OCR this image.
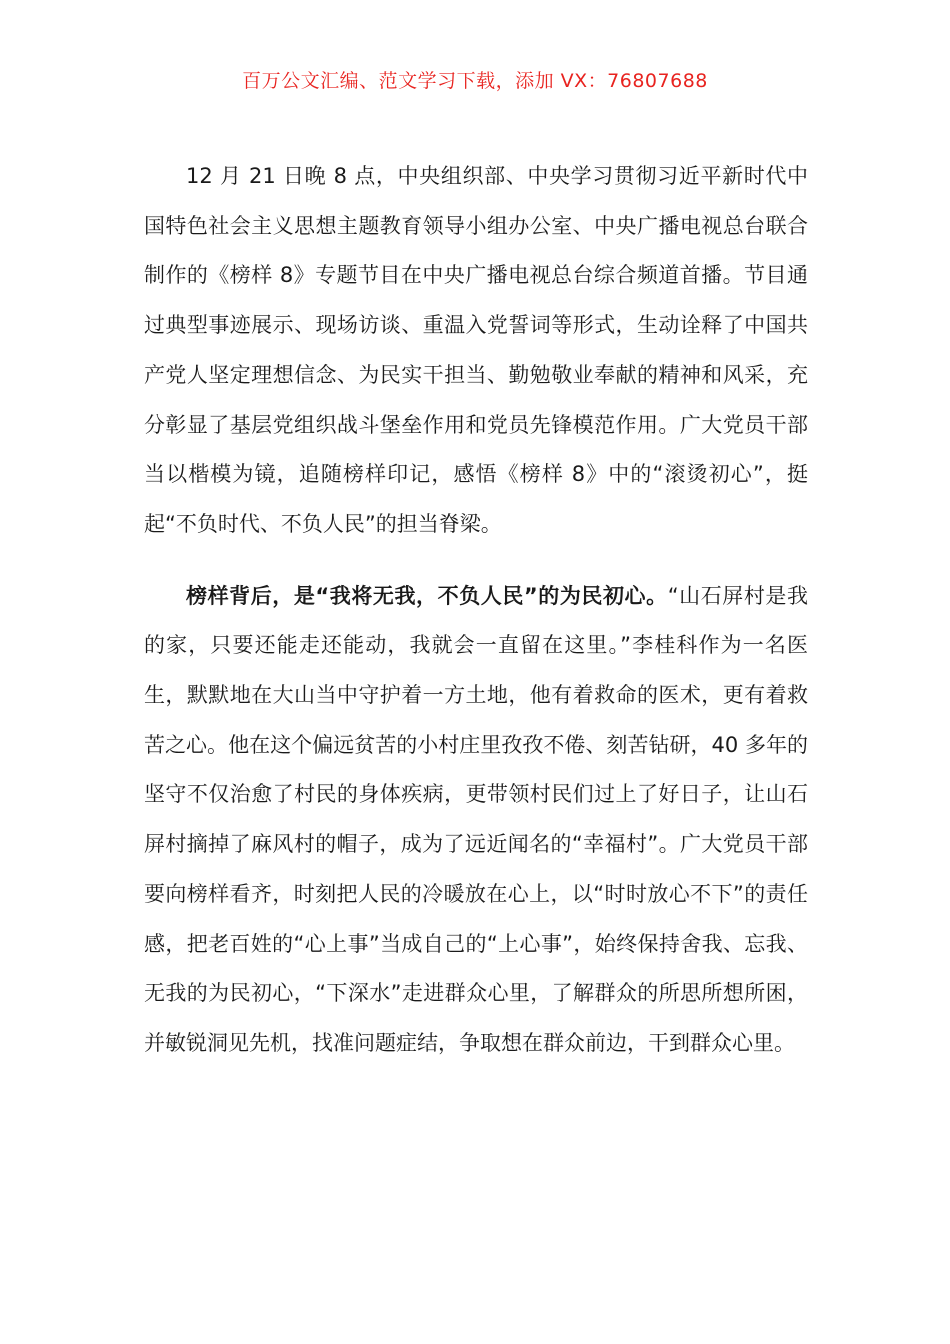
百万公文汇编、范文学习下载，添加 VX：76807688

12 月 21 日晚 8 点，中央组织部、中央学习贯彻习近平新时代中国特色社会主义思想主题教育领导小组办公室、中央广播电视总台联合制作的《榜样 8》专题节目在中央广播电视总台综合频道首播。节目通过典型事迹展示、现场访谈、重温入党誓词等形式，生动诠释了中国共产党人坚定理想信念、为民实干担当、勤勉敬业奉献的精神和风采，充分彰显了基层党组织战斗堡垒作用和党员先锋模范作用。广大党员干部当以楷模为镜，追随榜样印记，感悟《榜样 8》中的“滚烫初心”，挺起“不负时代、不负人民”的担当脊梁。

榜样背后，是“我将无我，不负人民”的为民初心。“山石屏村是我的家，只要还能走还能动，我就会一直留在这里。”李桂科作为一名医生，默默地在大山当中守护着一方土地，他有着救命的医术，更有着救苦之心。他在这个偏远贫苦的小村庄里孜孜不倦、刻苦钻研，40 多年的坚守不仅治愈了村民的身体疾病，更带领村民们过上了好日子，让山石屏村摘掉了麻风村的帽子，成为了远近闻名的“幸福村”。广大党员干部要向榜样看齐，时刻把人民的冷暖放在心上，以“时时放心不下”的责任感，把老百姓的“心上事”当成自己的“上心事”，始终保持舍我、忘我、无我的为民初心，“下深水”走进群众心里，了解群众的所思所想所困，并敏锐洞见先机，找准问题症结，争取想在群众前边，干到群众心里。
